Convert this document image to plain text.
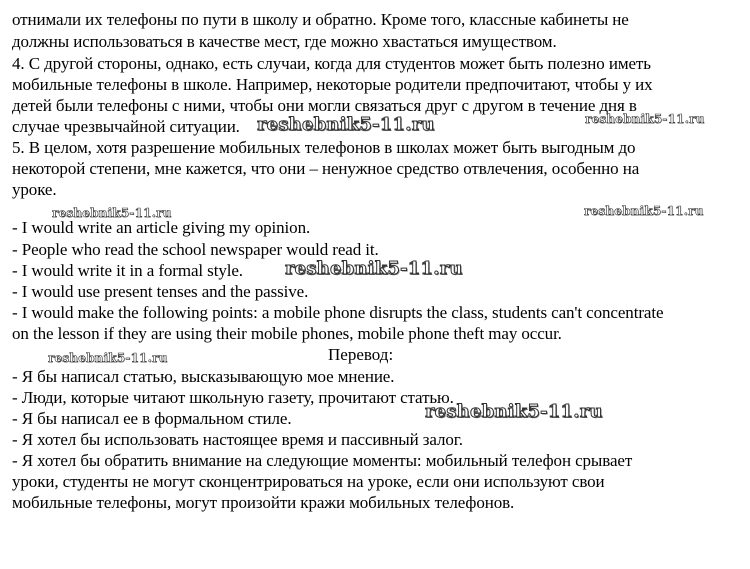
отнимали их телефоны по пути в школу и обратно. Кроме того, классные кабинеты не
должны использоваться в качестве мест, где можно хвастаться имуществом.
4. С другой стороны, однако, есть случаи, когда для студентов может быть полезно иметь
мобильные телефоны в школе. Например, некоторые родители предпочитают, чтобы у их
детей были телефоны с ними, чтобы они могли связаться друг с другом в течение дня в
случае чрезвычайной ситуации.
5. В целом, хотя разрешение мобильных телефонов в школах может быть выгодным до
некоторой степени, мне кажется, что они – ненужное средство отвлечения, особенно на
уроке.
- I would write an article giving my opinion.
- People who read the school newspaper would read it.
- I would write it in a formal style.
- I would use present tenses and the passive.
- I would make the following points: a mobile phone disrupts the class, students can't concentrate
on the lesson if they are using their mobile phones, mobile phone theft may occur.
Перевод:
- Я бы написал статью, высказывающую мое мнение.
- Люди, которые читают школьную газету, прочитают статью.
- Я бы написал ее в формальном стиле.
- Я хотел бы использовать настоящее время и пассивный залог.
- Я хотел бы обратить внимание на следующие моменты: мобильный телефон срывает
уроки, студенты не могут сконцентрироваться на уроке, если они используют свои
мобильные телефоны, могут произойти кражи мобильных телефонов.
reshebnik5-11.ru	reshebnik5-11.ru
reshebnik5-11.ru	reshebnik5-11.ru
reshebnik5-11.ru
reshebnik5-11.ru
reshebnik5-11.ru
